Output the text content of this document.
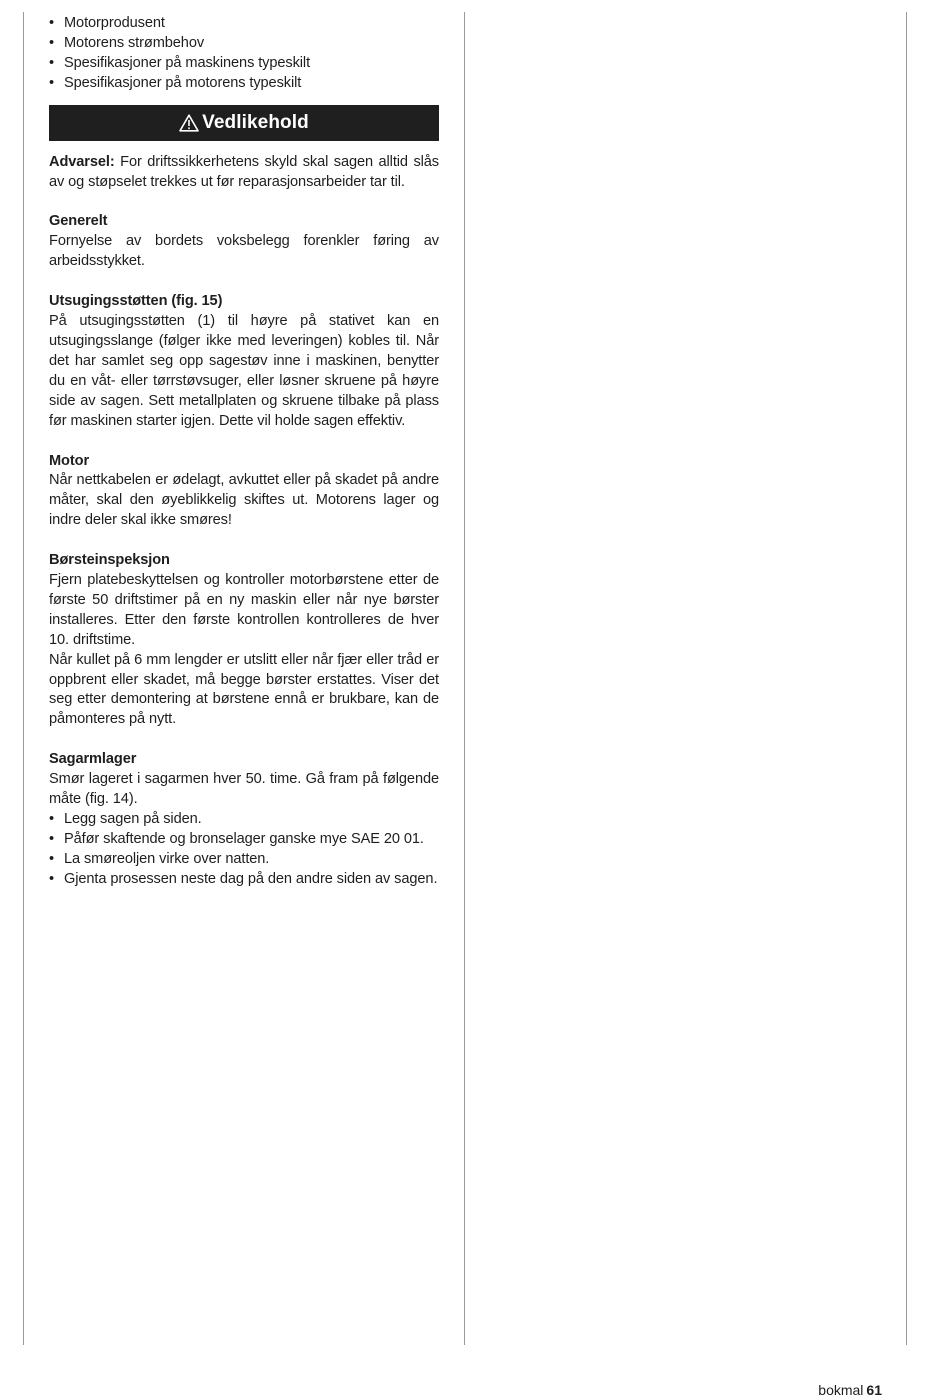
• Motorprodusent
• Motorens strømbehov
• Spesifikasjoner på maskinens typeskilt
• Spesifikasjoner på motorens typeskilt
Vedlikehold

Advarsel: For driftssikkerhetens skyld skal sagen alltid slås av og støpselet trekkes ut før reparasjonsarbeider tar til.

Generelt

Fornyelse av bordets voksbelegg forenkler føring av arbeidsstykket.

Utsugingsstøtten (fig. 15)

På utsugingsstøtten (1) til høyre på stativet kan en utsugingsslange (følger ikke med leveringen) kobles til. Når det har samlet seg opp sagestøv inne i maskinen, benytter du en våt- eller tørrstøvsuger, eller løsner skruene på høyre side av sagen. Sett metallplaten og skruene tilbake på plass før maskinen starter igjen. Dette vil holde sagen effektiv.

Motor

Når nettkabelen er ødelagt, avkuttet eller på skadet på andre måter, skal den øyeblikkelig skiftes ut. Motorens lager og indre deler skal ikke smøres!

Børsteinspeksjon

Fjern platebeskyttelsen og kontroller motorbørstene etter de første 50 driftstimer på en ny maskin eller når nye børster installeres. Etter den første kontrollen kontrolleres de hver 10. driftstime.

Når kullet på 6 mm lengder er utslitt eller når fjær eller tråd er oppbrent eller skadet, må begge børster erstattes. Viser det seg etter demontering at børstene ennå er brukbare, kan de påmonteres på nytt.

Sagarmlager

Smør lageret i sagarmen hver 50. time. Gå fram på følgende måte (fig. 14).

• Legg sagen på siden.
• Påfør skaftende og bronselager ganske mye SAE 20 01.
• La smøreoljen virke over natten.
• Gjenta prosessen neste dag på den andre siden av sagen.
bokmal 61
